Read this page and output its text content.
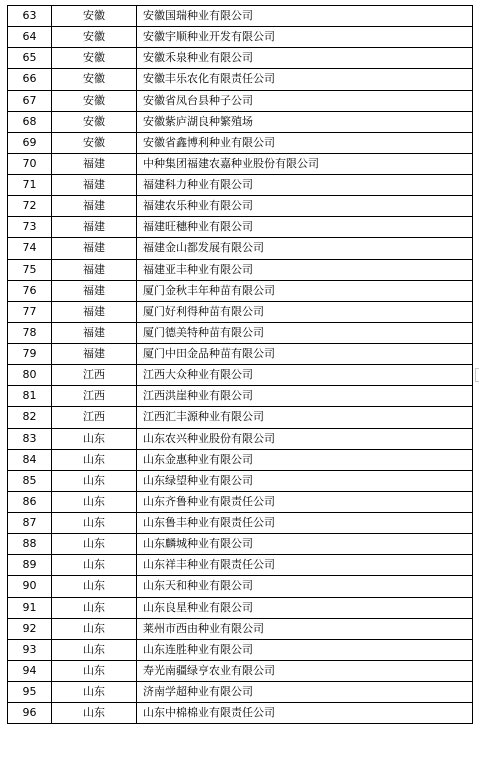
63	安徽	安徽国瑞种业有限公司
64	安徽	安徽宇顺种业开发有限公司
65	安徽	安徽禾泉种业有限公司
66	安徽	安徽丰乐农化有限责任公司
67	安徽	安徽省凤台县种子公司
68	安徽	安徽紫庐湖良种繁殖场
69	安徽	安徽省鑫博利种业有限公司
70	福建	中种集团福建农嘉种业股份有限公司
71	福建	福建科力种业有限公司
72	福建	福建农乐种业有限公司
73	福建	福建旺穗种业有限公司
74	福建	福建金山都发展有限公司
75	福建	福建亚丰种业有限公司
76	福建	厦门金秋丰年种苗有限公司
77	福建	厦门好利得种苗有限公司
78	福建	厦门德美特种苗有限公司
79	福建	厦门中田金品种苗有限公司
80	江西	江西大众种业有限公司
81	江西	江西洪崖种业有限公司
82	江西	江西汇丰源种业有限公司
83	山东	山东农兴种业股份有限公司
84	山东	山东金惠种业有限公司
85	山东	山东绿望种业有限公司
86	山东	山东齐鲁种业有限责任公司
87	山东	山东鲁丰种业有限责任公司
88	山东	山东麟城种业有限公司
89	山东	山东祥丰种业有限责任公司
90	山东	山东天和种业有限公司
91	山东	山东良星种业有限公司
92	山东	莱州市西由种业有限公司
93	山东	山东连胜种业有限公司
94	山东	寿光南疆绿亨农业有限公司
95	山东	济南学超种业有限公司
96	山东	山东中棉棉业有限责任公司
